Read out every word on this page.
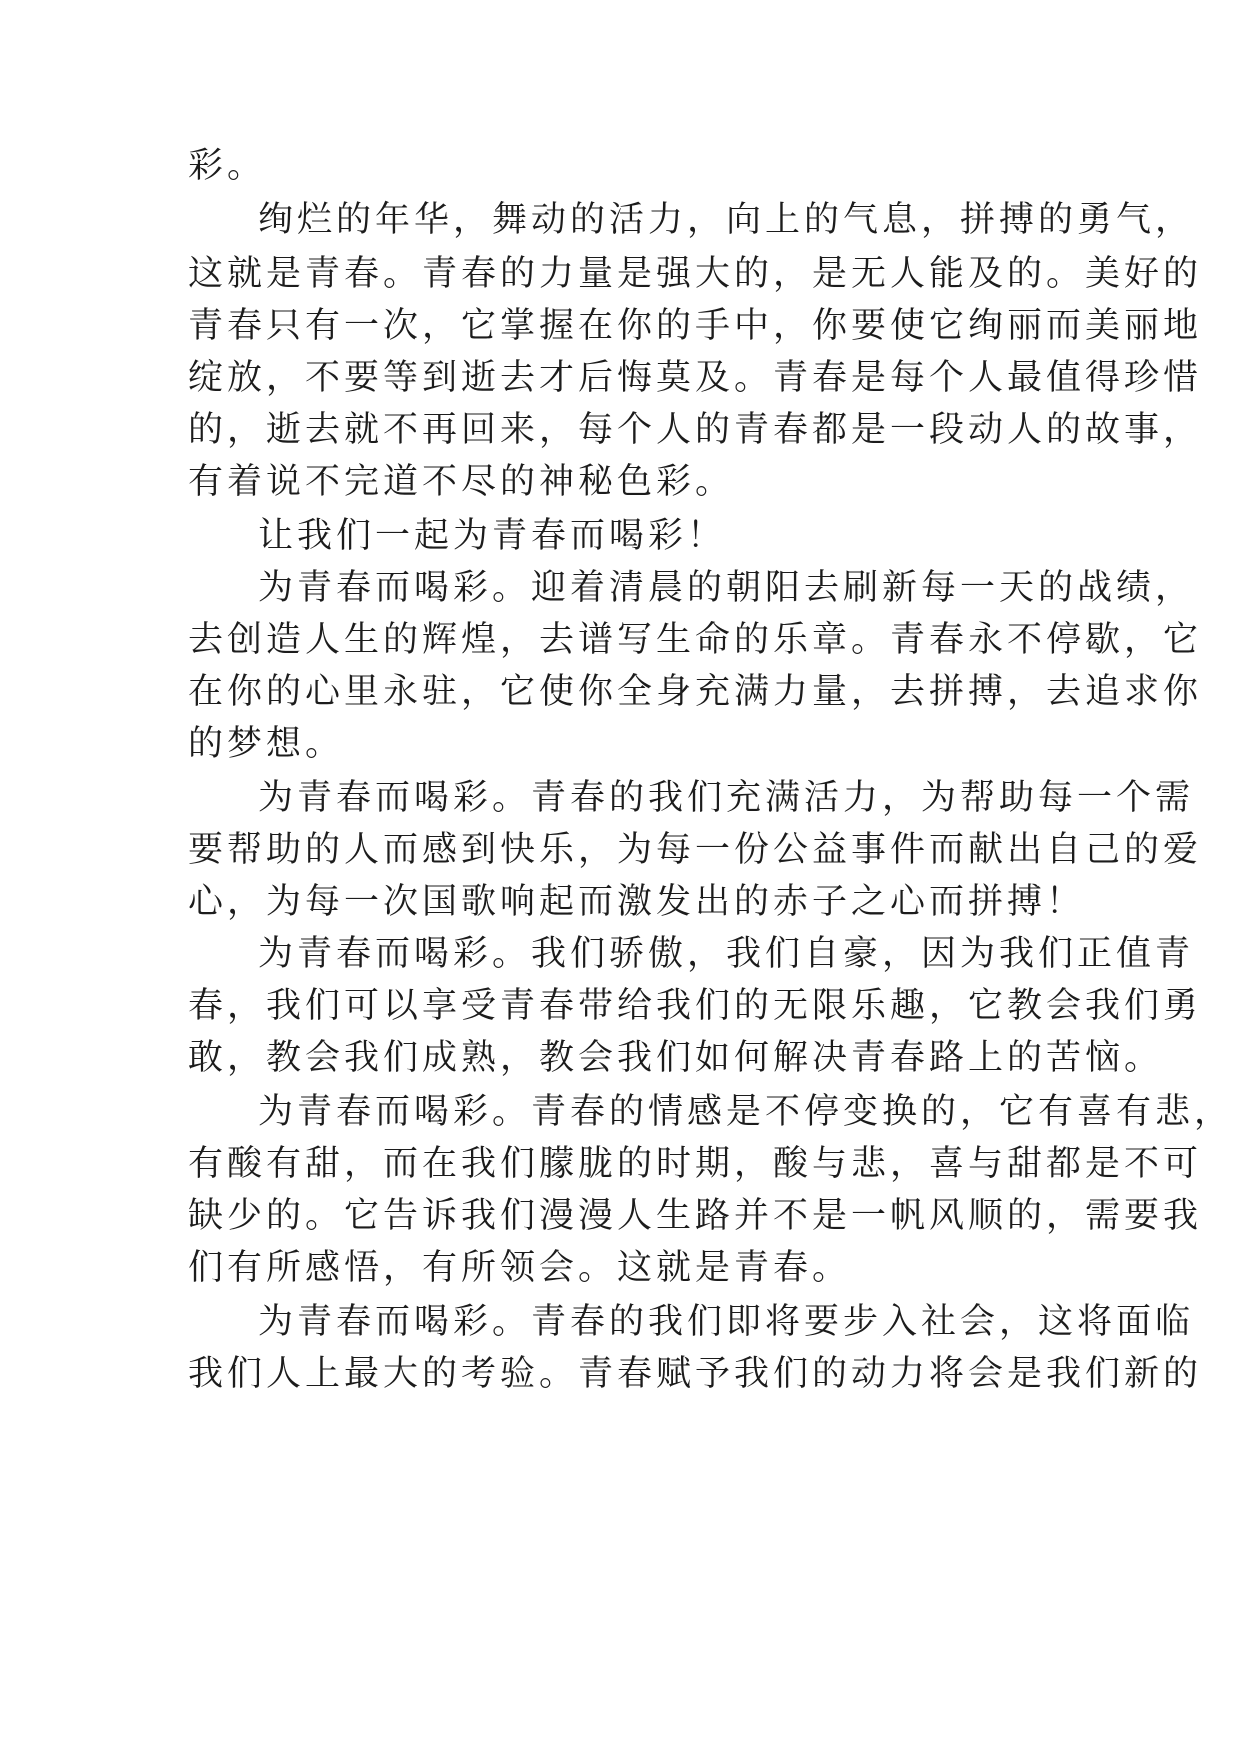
彩。
绚烂的年华，舞动的活力，向上的气息，拼搏的勇气，
这就是青春。青春的力量是强大的，是无人能及的。美好的
青春只有一次，它掌握在你的手中，你要使它绚丽而美丽地
绽放，不要等到逝去才后悔莫及。青春是每个人最值得珍惜
的，逝去就不再回来，每个人的青春都是一段动人的故事，
有着说不完道不尽的神秘色彩。
让我们一起为青春而喝彩！
为青春而喝彩。迎着清晨的朝阳去刷新每一天的战绩，
去创造人生的辉煌，去谱写生命的乐章。青春永不停歇，它
在你的心里永驻，它使你全身充满力量，去拼搏，去追求你
的梦想。
为青春而喝彩。青春的我们充满活力，为帮助每一个需
要帮助的人而感到快乐，为每一份公益事件而献出自己的爱
心，为每一次国歌响起而激发出的赤子之心而拼搏！
为青春而喝彩。我们骄傲，我们自豪，因为我们正值青
春，我们可以享受青春带给我们的无限乐趣，它教会我们勇
敢，教会我们成熟，教会我们如何解决青春路上的苦恼。
为青春而喝彩。青春的情感是不停变换的，它有喜有悲，
有酸有甜，而在我们朦胧的时期，酸与悲，喜与甜都是不可
缺少的。它告诉我们漫漫人生路并不是一帆风顺的，需要我
们有所感悟，有所领会。这就是青春。
为青春而喝彩。青春的我们即将要步入社会，这将面临
我们人上最大的考验。青春赋予我们的动力将会是我们新的
